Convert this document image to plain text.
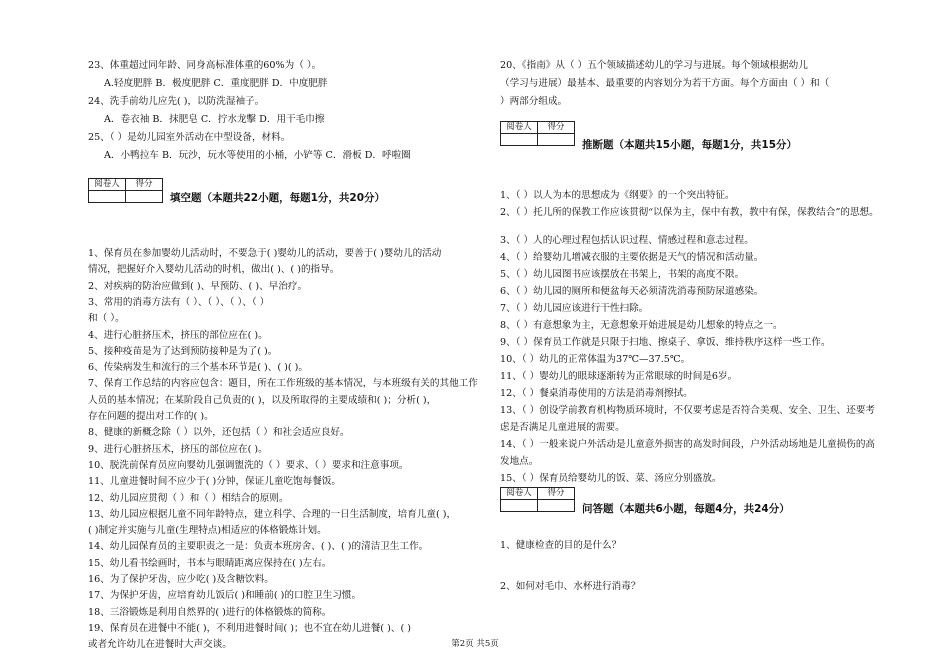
23、体重超过同年龄、同身高标准体重的60%为（ ）。
A.轻度肥胖 B．极度肥胖 C．重度肥胖 D．中度肥胖
24、洗手前幼儿应先( )，以防洗湿袖子。
A．卷衣袖 B．抹肥皂 C．拧水龙擊 D．用干毛巾擦
25、（ ）是幼儿园室外活动在中型设备，材料。
A．小鸭拉车 B．玩沙，玩水等使用的小桶，小铲等 C．滑板 D．呼啦圈
阅卷人	得分

填空题（本题共22小题，每题1分，共20分）
1、保育员在参加婴幼儿活动时，不要急于( )婴幼儿的活动，要善于( )婴幼儿的活动
情况，把握好介入婴幼儿活动的时机，做出( )、( )的指导。
2、对疾病的防治应做到( )、早预防、( )、早治疗。
3、常用的消毒方法有（ ）、（ ）、（ ）、（ ）
和（ ）。
4、进行心脏挤压术，挤压的部位应在( )。
5、接种疫苗是为了达到预防接种是为了( )。
6、传染病发生和流行的三个基本环节是( )、( )( )。
7、保育工作总结的内容应包含：题目，所在工作班级的基本情况，与本班级有关的其他工作
人员的基本情况；在某阶段自己负责的( )，以及所取得的主要成绩和( )；分析( )，
存在问题的提出对工作的( )。
8、健康的新概念除（ ）以外，还包括（ ）和社会适应良好。
9、进行心脏挤压术，挤压的部位应在( )。
10、脱洗前保育员应向婴幼儿强调盥洗的（ ）要求、（ ）要求和注意事项。
11、儿童进餐时间不应少于( )分钟，保证儿童吃饱每餐饭。
12、幼儿园应贯彻（ ）和（ ）相结合的原则。
13、幼儿园应根据儿童不同年龄特点，建立科学、合理的一日生活制度，培育儿童( )，
( )制定并实施与儿童(生理特点)相适应的体格锻炼计划。
14、幼儿园保育员的主要职责之一是：负责本班房舍、( )、( )的清洁卫生工作。
15、幼儿看书绘画时，书本与眼睛距离应保持在( )左右。
16、为了保护牙齿，应少吃( )及含糖饮料。
17、为保护牙齿，应培育幼儿饭后( )和睡前( )的口腔卫生习惯。
18、三浴锻炼是利用自然界的( )进行的体格锻炼的简称。
19、保育员在进餐中不能( )，不利用进餐时间( )；也不宜在幼儿进餐( )、( )
或者允许幼儿在进餐时大声交谈。
20、《指南》从（ ）五个领域描述幼儿的学习与进展。每个领域根据幼儿
（学习与进展）最基本、最重要的内容划分为若干方面。每个方面由（ ）和（
）两部分组成。
阅卷人	得分

推断题（本题共15小题，每题1分，共15分）
1、（ ）以人为本的思想成为《纲要》的一个突出特征。
2、（ ）托儿所的保教工作应该贯彻“以保为主，保中有教，教中有保，保教结合”的思想。
3、（ ）人的心理过程包括认识过程、情感过程和意志过程。
4、（ ）给婴幼儿增减衣服的主要依据是天气的情况和活动量。
5、（ ）幼儿园图书应该摆放在书架上，书架的高度不限。
6、（ ）幼儿园的厕所和便盆每天必须清洗消毒预防尿道感染。
7、（ ）幼儿园应该进行干性扫除。
8、（ ）有意想象为主，无意想象开始进展是幼儿想象的特点之一。
9、（ ）保育员工作就是只限于扫地、擦桌子、拿饭、维持秩序这样一些工作。
10、（ ）幼儿的正常体温为37℃—37.5℃。
11、（ ）婴幼儿的眼球逐渐转为正常眼球的时间是6岁。
12、（ ）餐桌消毒使用的方法是消毒剂擦拭。
13、（ ）创设学前教育机构物质环境时，不仅要考虑是否符合美观、安全、卫生、还要考
虑是否满足儿童进展的需要。
14、（ ）一般来说户外活动是儿童意外损害的高发时间段，户外活动场地是儿童损伤的高
发地点。
15、（ ）保育员给婴幼儿的饭、菜、汤应分别盛放。
阅卷人	得分

问答题（本题共6小题，每题4分，共24分）
1、健康检查的目的是什么？
2、如何对毛巾、水杯进行消毒？
第2页 共5页
